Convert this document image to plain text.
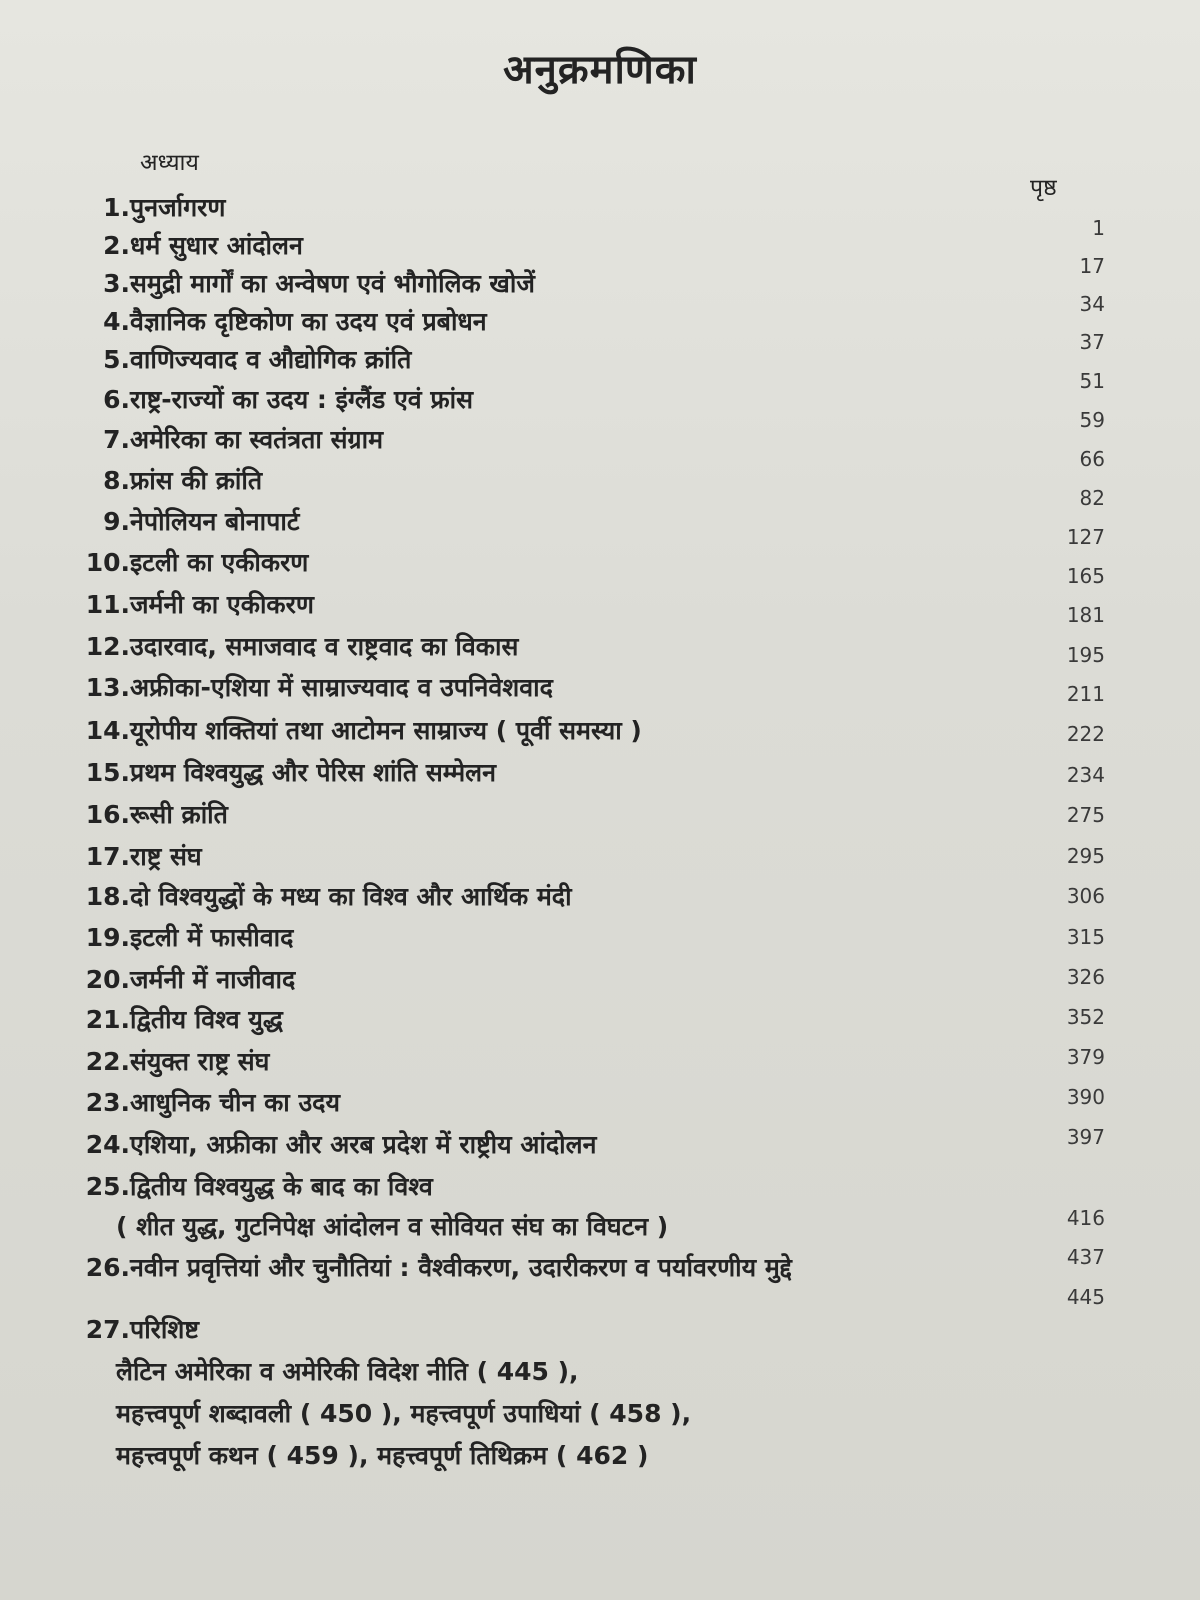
अनुक्रमणिका
अध्याय
पृष्ठ
1. पुनर्जागरण
2. धर्म सुधार आंदोलन
3. समुद्री मार्गों का अन्वेषण एवं भौगोलिक खोजें
4. वैज्ञानिक दृष्टिकोण का उदय एवं प्रबोधन
5. वाणिज्यवाद व औद्योगिक क्रांति
6. राष्ट्र-राज्यों का उदय : इंग्लैंड एवं फ्रांस
7. अमेरिका का स्वतंत्रता संग्राम
8. फ्रांस की क्रांति
9. नेपोलियन बोनापार्ट
10. इटली का एकीकरण
11. जर्मनी का एकीकरण
12. उदारवाद, समाजवाद व राष्ट्रवाद का विकास
13. अफ्रीका-एशिया में साम्राज्यवाद व उपनिवेशवाद
14. यूरोपीय शक्तियां तथा आटोमन साम्राज्य ( पूर्वी समस्या )
15. प्रथम विश्वयुद्ध और पेरिस शांति सम्मेलन
16. रूसी क्रांति
17. राष्ट्र संघ
18. दो विश्वयुद्धों के मध्य का विश्व और आर्थिक मंदी
19. इटली में फासीवाद
20. जर्मनी में नाजीवाद
21. द्वितीय विश्व युद्ध
22. संयुक्त राष्ट्र संघ
23. आधुनिक चीन का उदय
24. एशिया, अफ्रीका और अरब प्रदेश में राष्ट्रीय आंदोलन
25. द्वितीय विश्वयुद्ध के बाद का विश्व
( शीत युद्ध, गुटनिपेक्ष आंदोलन व सोवियत संघ का विघटन )
26. नवीन प्रवृत्तियां और चुनौतियां : वैश्वीकरण, उदारीकरण व पर्यावरणीय मुद्दे
27. परिशिष्ट
लैटिन अमेरिका व अमेरिकी विदेश नीति ( 445 ),
महत्त्वपूर्ण शब्दावली ( 450 ), महत्त्वपूर्ण उपाधियां ( 458 ),
महत्त्वपूर्ण कथन ( 459 ), महत्त्वपूर्ण तिथिक्रम ( 462 )
1
17
34
37
51
59
66
82
127
165
181
195
211
222
234
275
295
306
315
326
352
379
390
397
416
437
445
